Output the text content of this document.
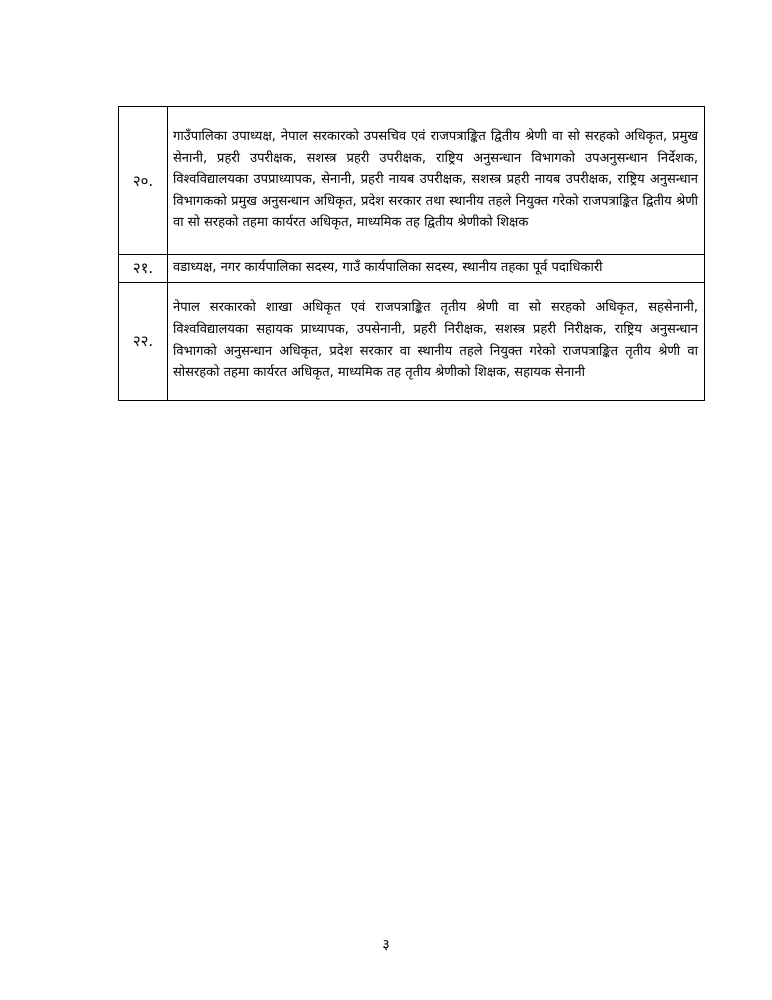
२०.	गाउँपालिका उपाध्यक्ष, नेपाल सरकारको उपसचिव एवं राजपत्राङ्कित द्वितीय श्रेणी वा सो सरहको अधिकृत, प्रमुख सेनानी, प्रहरी उपरीक्षक, सशस्त्र प्रहरी उपरीक्षक, राष्ट्रिय अनुसन्धान विभागको उपअनुसन्धान निर्देशक, विश्वविद्यालयका उपप्राध्यापक, सेनानी, प्रहरी नायब उपरीक्षक, सशस्त्र प्रहरी नायब उपरीक्षक, राष्ट्रिय अनुसन्धान विभागकको प्रमुख अनुसन्धान अधिकृत, प्रदेश सरकार तथा स्थानीय तहले नियुक्त गरेको राजपत्राङ्कित द्वितीय श्रेणी वा सो सरहको तहमा कार्यरत अधिकृत, माध्यमिक तह द्वितीय श्रेणीको शिक्षक
२१.	वडाध्यक्ष, नगर कार्यपालिका सदस्य, गाउँ कार्यपालिका सदस्य, स्थानीय तहका पूर्व पदाधिकारी
२२.	नेपाल सरकारको शाखा अधिकृत एवं राजपत्राङ्कित तृतीय श्रेणी वा सो सरहको अधिकृत, सहसेनानी, विश्वविद्यालयका सहायक प्राध्यापक, उपसेनानी, प्रहरी निरीक्षक, सशस्त्र प्रहरी निरीक्षक, राष्ट्रिय अनुसन्धान विभागको अनुसन्धान अधिकृत, प्रदेश सरकार वा स्थानीय तहले नियुक्त गरेको राजपत्राङ्कित तृतीय श्रेणी वा सोसरहको तहमा कार्यरत अधिकृत, माध्यमिक तह तृतीय श्रेणीको शिक्षक, सहायक सेनानी
३
